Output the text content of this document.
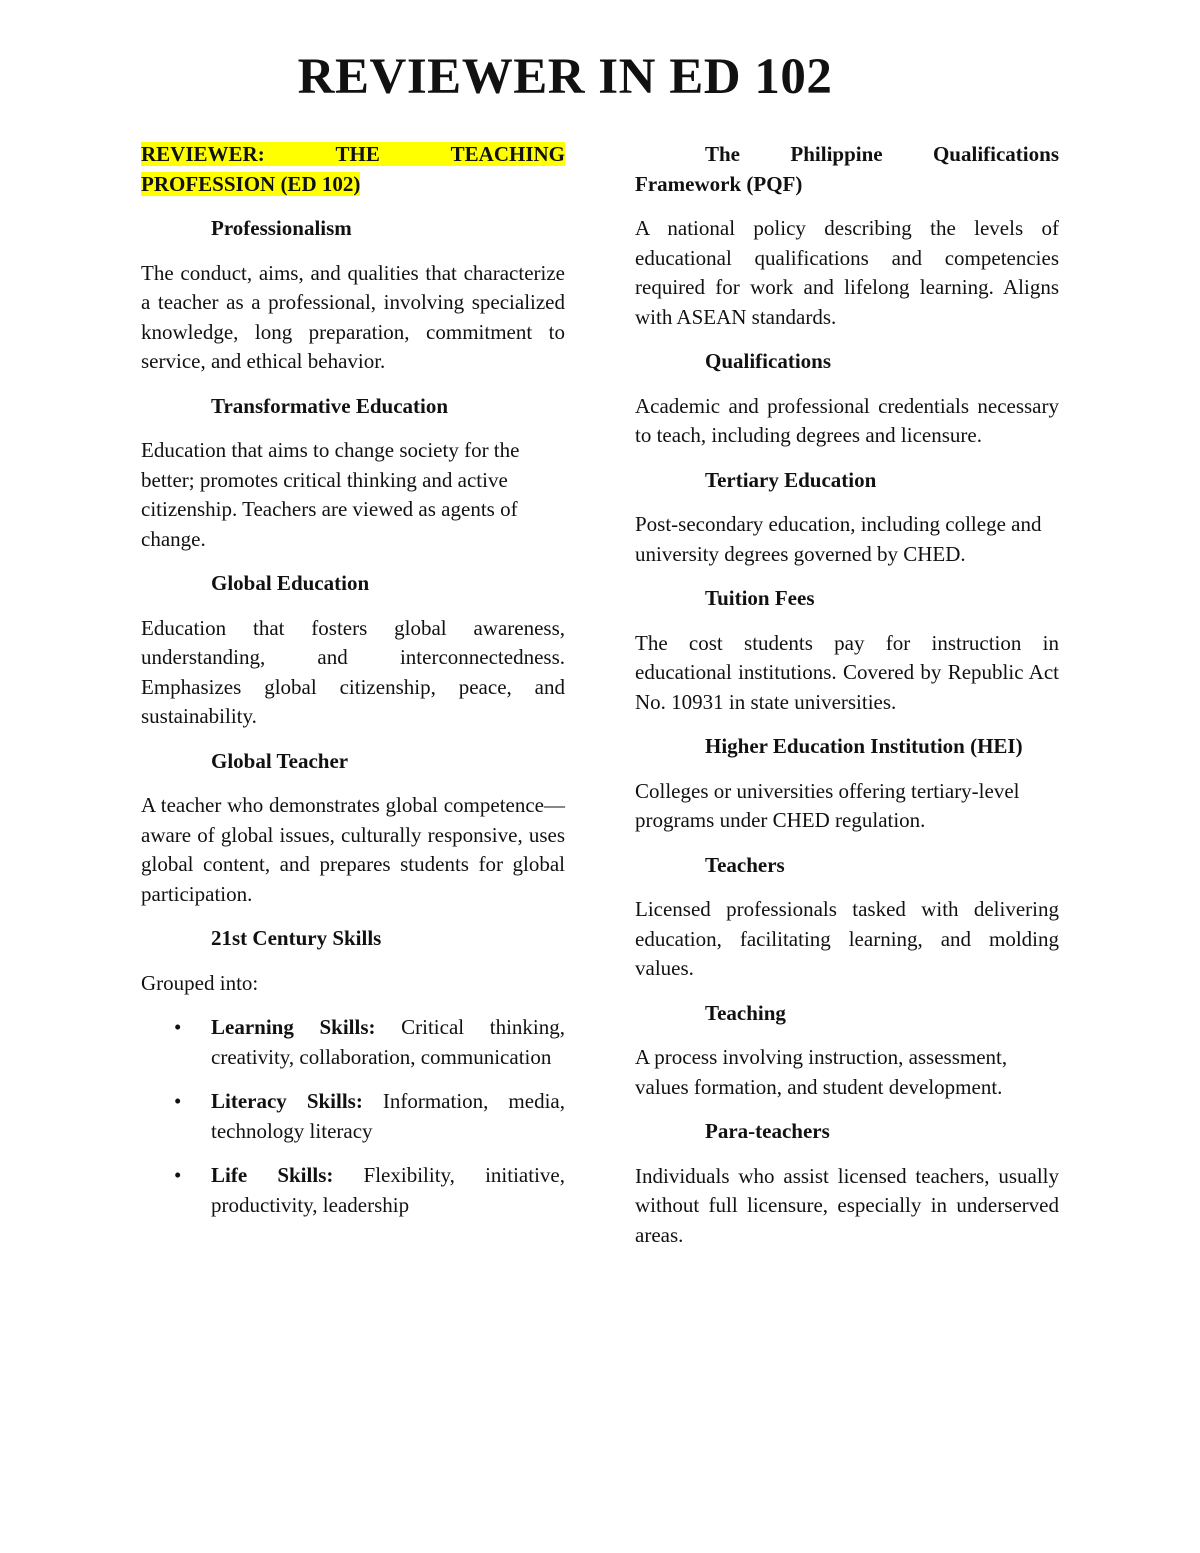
REVIEWER IN ED 102

REVIEWER: THE TEACHING PROFESSION (ED 102)

Professionalism

The conduct, aims, and qualities that characterize a teacher as a professional, involving specialized knowledge, long preparation, commitment to service, and ethical behavior.

Transformative Education

Education that aims to change society for the better; promotes critical thinking and active citizenship. Teachers are viewed as agents of change.

Global Education

Education that fosters global awareness, understanding, and interconnectedness. Emphasizes global citizenship, peace, and sustainability.

Global Teacher

A teacher who demonstrates global competence—aware of global issues, culturally responsive, uses global content, and prepares students for global participation.

21st Century Skills

Grouped into:

• Learning Skills: Critical thinking, creativity, collaboration, communication
• Literacy Skills: Information, media, technology literacy
• Life Skills: Flexibility, initiative, productivity, leadership

The Philippine Qualifications Framework (PQF)

A national policy describing the levels of educational qualifications and competencies required for work and lifelong learning. Aligns with ASEAN standards.

Qualifications

Academic and professional credentials necessary to teach, including degrees and licensure.

Tertiary Education

Post-secondary education, including college and university degrees governed by CHED.

Tuition Fees

The cost students pay for instruction in educational institutions. Covered by Republic Act No. 10931 in state universities.

Higher Education Institution (HEI)

Colleges or universities offering tertiary-level programs under CHED regulation.

Teachers

Licensed professionals tasked with delivering education, facilitating learning, and molding values.

Teaching

A process involving instruction, assessment, values formation, and student development.

Para-teachers

Individuals who assist licensed teachers, usually without full licensure, especially in underserved areas.
